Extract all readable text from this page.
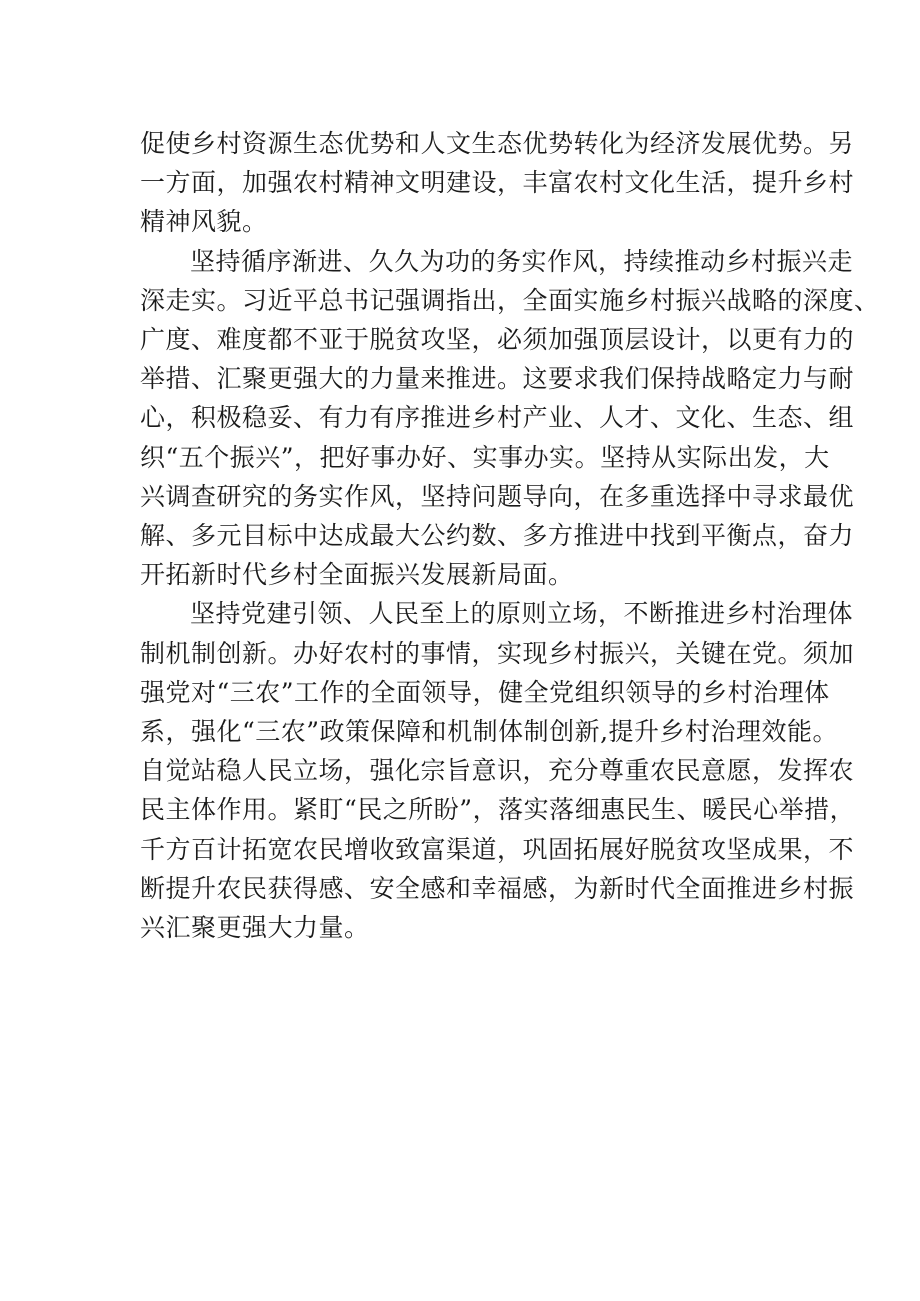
促使乡村资源生态优势和人文生态优势转化为经济发展优势。另
一方面，加强农村精神文明建设，丰富农村文化生活，提升乡村
精神风貌。

坚持循序渐进、久久为功的务实作风，持续推动乡村振兴走
深走实。习近平总书记强调指出，全面实施乡村振兴战略的深度、
广度、难度都不亚于脱贫攻坚，必须加强顶层设计，以更有力的
举措、汇聚更强大的力量来推进。这要求我们保持战略定力与耐
心，积极稳妥、有力有序推进乡村产业、人才、文化、生态、组
织“五个振兴”，把好事办好、实事办实。坚持从实际出发，大
兴调查研究的务实作风，坚持问题导向，在多重选择中寻求最优
解、多元目标中达成最大公约数、多方推进中找到平衡点，奋力
开拓新时代乡村全面振兴发展新局面。

坚持党建引领、人民至上的原则立场，不断推进乡村治理体
制机制创新。办好农村的事情，实现乡村振兴，关键在党。须加
强党对“三农”工作的全面领导，健全党组织领导的乡村治理体
系，强化“三农”政策保障和机制体制创新,提升乡村治理效能。
自觉站稳人民立场，强化宗旨意识，充分尊重农民意愿，发挥农
民主体作用。紧盯“民之所盼”，落实落细惠民生、暖民心举措，
千方百计拓宽农民增收致富渠道，巩固拓展好脱贫攻坚成果，不
断提升农民获得感、安全感和幸福感，为新时代全面推进乡村振
兴汇聚更强大力量。
